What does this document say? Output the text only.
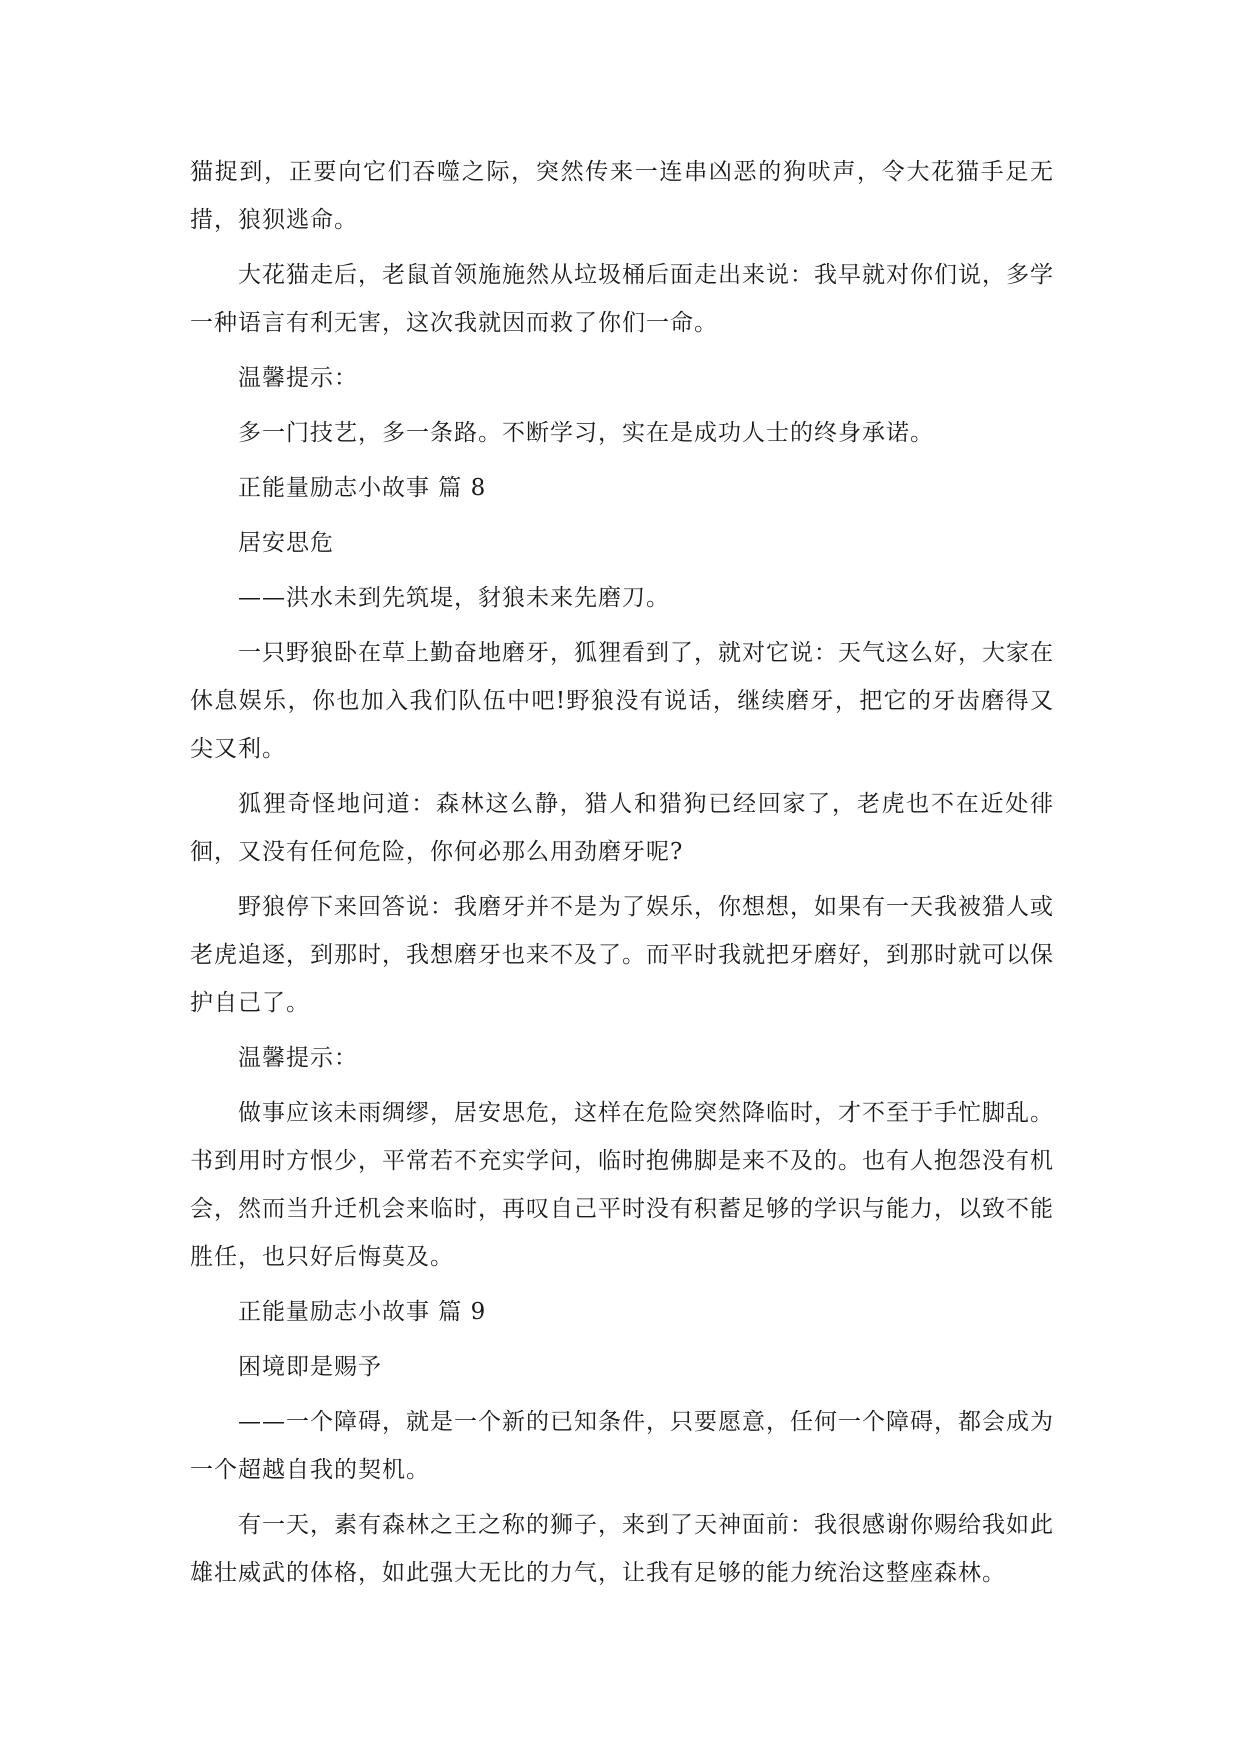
猫捉到，正要向它们吞噬之际，突然传来一连串凶恶的狗吠声，令大花猫手足无措，狼狈逃命。

大花猫走后，老鼠首领施施然从垃圾桶后面走出来说：我早就对你们说，多学一种语言有利无害，这次我就因而救了你们一命。

温馨提示：

多一门技艺，多一条路。不断学习，实在是成功人士的终身承诺。

正能量励志小故事 篇 8

居安思危

——洪水未到先筑堤，豺狼未来先磨刀。

一只野狼卧在草上勤奋地磨牙，狐狸看到了，就对它说：天气这么好，大家在休息娱乐，你也加入我们队伍中吧!野狼没有说话，继续磨牙，把它的牙齿磨得又尖又利。

狐狸奇怪地问道：森林这么静，猎人和猎狗已经回家了，老虎也不在近处徘徊，又没有任何危险，你何必那么用劲磨牙呢?

野狼停下来回答说：我磨牙并不是为了娱乐，你想想，如果有一天我被猎人或老虎追逐，到那时，我想磨牙也来不及了。而平时我就把牙磨好，到那时就可以保护自己了。

温馨提示：

做事应该未雨绸缪，居安思危，这样在危险突然降临时，才不至于手忙脚乱。书到用时方恨少，平常若不充实学问，临时抱佛脚是来不及的。也有人抱怨没有机会，然而当升迁机会来临时，再叹自己平时没有积蓄足够的学识与能力，以致不能胜任，也只好后悔莫及。

正能量励志小故事 篇 9

困境即是赐予

——一个障碍，就是一个新的已知条件，只要愿意，任何一个障碍，都会成为一个超越自我的契机。

有一天，素有森林之王之称的狮子，来到了天神面前：我很感谢你赐给我如此雄壮威武的体格，如此强大无比的力气，让我有足够的能力统治这整座森林。
